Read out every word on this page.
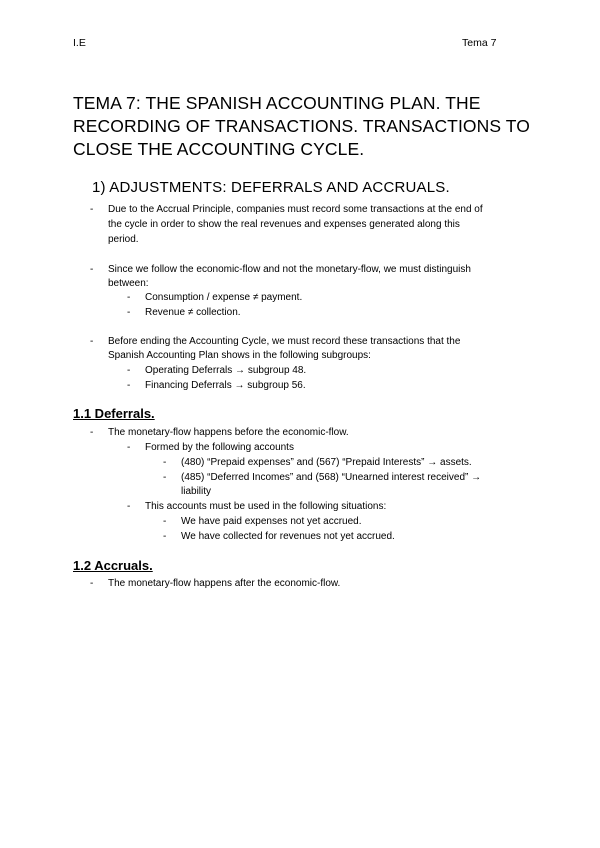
I.E	Tema 7
TEMA 7: THE SPANISH ACCOUNTING PLAN. THE RECORDING OF TRANSACTIONS. TRANSACTIONS TO CLOSE THE ACCOUNTING CYCLE.
1) ADJUSTMENTS: DEFERRALS AND ACCRUALS.
- Due to the Accrual Principle, companies must record some transactions at the end of
the cycle in order to show the real revenues and expenses generated along this
period.
- Since we follow the economic-flow and not the monetary-flow, we must distinguish
between:
- Consumption / expense ≠ payment.
- Revenue ≠ collection.
- Before ending the Accounting Cycle, we must record these transactions that the
Spanish Accounting Plan shows in the following subgroups:
- Operating Deferrals → subgroup 48.
- Financing Deferrals → subgroup 56.
1.1 Deferrals.
- The monetary-flow happens before the economic-flow.
- Formed by the following accounts
- (480) “Prepaid expenses” and (567) “Prepaid Interests” → assets.
- (485) “Deferred Incomes” and (568) “Unearned interest received” →
liability
- This accounts must be used in the following situations:
- We have paid expenses not yet accrued.
- We have collected for revenues not yet accrued.
1.2 Accruals.
- The monetary-flow happens after the economic-flow.
